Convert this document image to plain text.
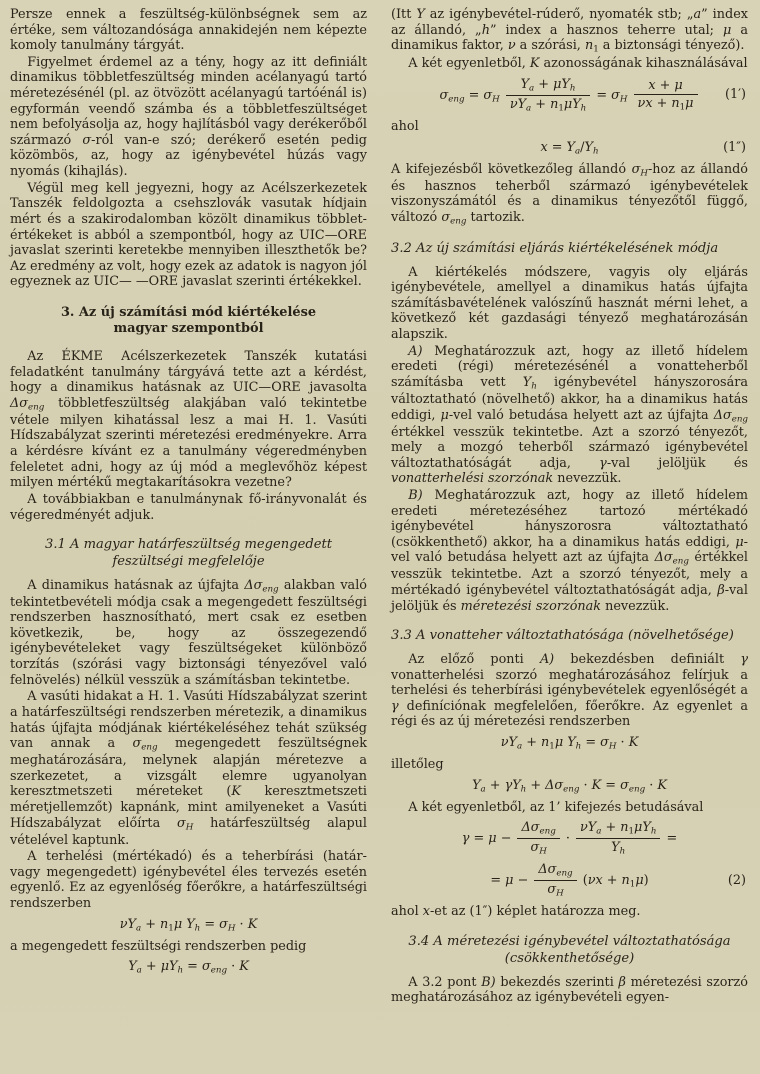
Persze ennek a feszültség-különbségnek sem az értéke, sem változandósága annakidején nem képezte komoly tanulmány tárgyát.

Figyelmet érdemel az a tény, hogy az itt definiált dinamikus többletfeszültség minden acélanyagú tartó méretezésénél (pl. az ötvözött acélanyagú tartóénál is) egyformán veendő számba és a többletfeszültséget nem befolyásolja az, hogy hajlításból vagy derékerőből származó σ-ról van-e szó; derékerő esetén pedig közömbös, az, hogy az igénybevétel húzás vagy nyomás (kihajlás).

Végül meg kell jegyezni, hogy az Acélszerkezetek Tanszék feldolgozta a csehszlovák vasutak hídjain mért és a szakirodalomban közölt dinamikus többlet-értékeket is abból a szempontból, hogy az UIC—ORE javaslat szerinti keretekbe mennyiben illeszthetők be? Az eredmény az volt, hogy ezek az adatok is nagyon jól egyeznek az UIC— —ORE javaslat szerinti értékekkel.

3. Az új számítási mód kiértékelése
magyar szempontból

Az ÉKME Acélszerkezetek Tanszék kutatási feladatként tanulmány tárgyává tette azt a kérdést, hogy a dinamikus hatásnak az UIC—ORE javasolta Δσeng többletfeszültség alakjában való tekintetbe vétele milyen kihatással lesz a mai H. 1. Vasúti Hídszabályzat szerinti méretezési eredményekre. Arra a kérdésre kívánt ez a tanulmány végeredményben feleletet adni, hogy az új mód a meglevőhöz képest milyen mértékű megtakarításokra vezetne?

A továbbiakban e tanulmánynak fő-irányvonalát és végeredményét adjuk.

3.1 A magyar határfeszültség megengedett feszültségi megfelelője

A dinamikus hatásnak az újfajta Δσeng alakban való tekintetbevételi módja csak a megengedett feszültségi rendszerben hasznosítható, mert csak ez esetben következik, be, hogy az összegezendő igénybevételeket vagy feszültségeket különböző torzítás (szórási vagy biztonsági tényezővel való felnövelés) nélkül vesszük a számításban tekintetbe.

A vasúti hidakat a H. 1. Vasúti Hídszabályzat szerint a határfeszültségi rendszerben méretezik, a dinamikus hatás újfajta módjának kiértékeléséhez tehát szükség van annak a σeng megengedett feszültségnek meghatározására, melynek alapján méretezve a szerkezetet, a vizsgált elemre ugyanolyan keresztmetszeti méreteket (K keresztmetszeti méretjellemzőt) kapnánk, mint amilyeneket a Vasúti Hídszabályzat előírta σH határfeszültség alapul vételével kaptunk.

A terhelési (mértékadó) és a teherbírási (határ- vagy megengedett) igénybevétel éles tervezés esetén egyenlő. Ez az egyenlőség főerőkre, a határfeszültségi rendszerben

νYa + n1μ Yh = σH · K

a megengedett feszültségi rendszerben pedig

Ya + μYh = σeng · K

(Itt Y az igénybevétel-rúderő, nyomaték stb; „a” index az állandó, „h” index a hasznos teherre utal; μ a dinamikus faktor, ν a szórási, n1 a biztonsági tényező).

A két egyenletből, K azonosságának kihasználásával

σeng = σH $\frac{\text{Ya + μYh}}{\text{νYa + n1μYh}} = \sigma H \frac{x + \mu}{\nu x + n1\mu} (1')$

ahol

x = Ya/Yh	(1″)

A kifejezésből következőleg állandó σH-hoz az állandó és hasznos teherből származó igénybevételek viszonyszámától és a dinamikus tényezőtől függő, változó σeng tartozik.

3.2 Az új számítási eljárás kiértékelésének módja

A kiértékelés módszere, vagyis oly eljárás igénybevétele, amellyel a dinamikus hatás újfajta számításbavételének valószínű hasznát mérni lehet, a következő két gazdasági tényező meghatározásán alapszik.

A) Meghatározzuk azt, hogy az illető hídelem eredeti (régi) méretezésénél a vonatteherből számításba vett Yh igénybevétel hányszorosára változtatható (növelhető) akkor, ha a dinamikus hatás eddigi, μ-vel való betudása helyett azt az újfajta Δσeng értékkel vesszük tekintetbe. Azt a szorzó tényezőt, mely a mozgó teherből származó igénybevétel változtathatóságát adja, γ-val jelöljük és vonatterhelési szorzónak nevezzük.

B) Meghatározzuk azt, hogy az illető hídelem eredeti méretezéséhez tartozó mértékadó igénybevétel hányszorosra változtatható (csökkenthető) akkor, ha a dinamikus hatás eddigi, μ-vel való betudása helyett azt az újfajta Δσeng értékkel vesszük tekintetbe. Azt a szorzó tényezőt, mely a mértékadó igénybevétel változtathatóságát adja, β-val jelöljük és méretezési szorzónak nevezzük.

3.3 A vonatteher változtathatósága (növelhetősége)

Az előző ponti A) bekezdésben definiált γ vonatterhelési szorzó meghatározásához felírjuk a terhelési és teherbírási igénybevételek egyenlőségét a γ definíciónak megfelelően, főerőkre. Az egyenlet a régi és az új méretezési rendszerben

νYa + n1μ Yh = σH · K

illetőleg

Ya + γYh + Δσeng · K = σeng · K

A két egyenletből, az 1’ kifejezés betudásával

$\gamma = \mu - \frac{\text{Δσeng}}{\sigma H} \cdot \frac{\text{νYa + n1μYh}}{Yh}$ =
= $\mu - \frac{\text{Δσeng}}{\sigma H} (\nu x + n1\mu)$	(2)

ahol x-et az (1″) képlet határozza meg.

3.4 A méretezési igénybevétel változtathatósága
(csökkenthetősége)

A 3.2 pont B) bekezdés szerinti β méretezési szorzó meghatározásához az igénybevételi egyen-
